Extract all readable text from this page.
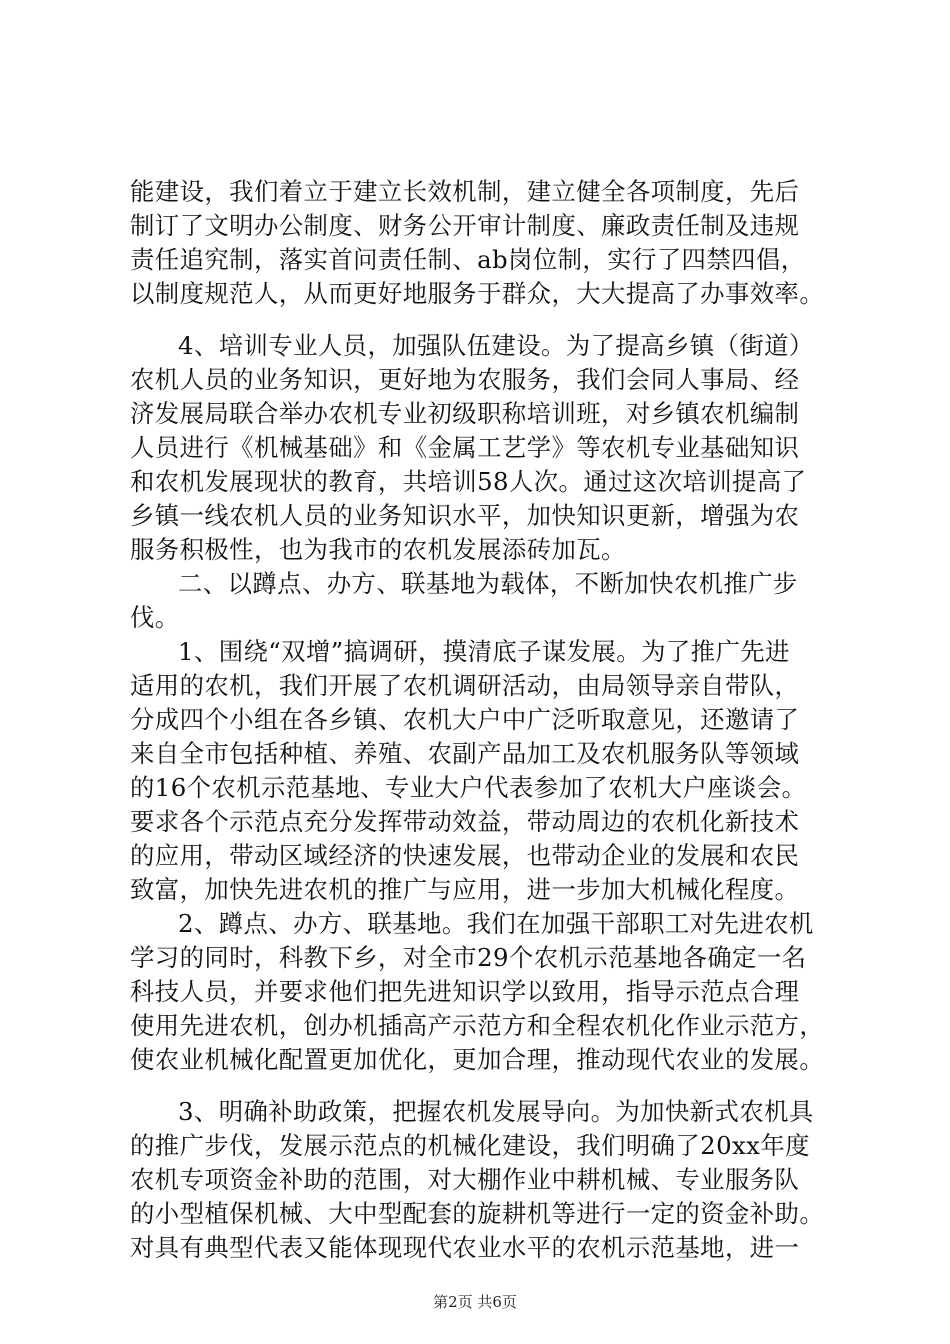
能建设，我们着立于建立长效机制，建立健全各项制度，先后
制订了文明办公制度、财务公开审计制度、廉政责任制及违规
责任追究制，落实首问责任制、ab岗位制，实行了四禁四倡，
以制度规范人，从而更好地服务于群众，大大提高了办事效率。
4、培训专业人员，加强队伍建设。为了提高乡镇（街道）
农机人员的业务知识，更好地为农服务，我们会同人事局、经
济发展局联合举办农机专业初级职称培训班，对乡镇农机编制
人员进行《机械基础》和《金属工艺学》等农机专业基础知识
和农机发展现状的教育，共培训58人次。通过这次培训提高了
乡镇一线农机人员的业务知识水平，加快知识更新，增强为农
服务积极性，也为我市的农机发展添砖加瓦。
二、以蹲点、办方、联基地为载体，不断加快农机推广步
伐。
1、围绕“双增”搞调研，摸清底子谋发展。为了推广先进
适用的农机，我们开展了农机调研活动，由局领导亲自带队，
分成四个小组在各乡镇、农机大户中广泛听取意见，还邀请了
来自全市包括种植、养殖、农副产品加工及农机服务队等领域
的16个农机示范基地、专业大户代表参加了农机大户座谈会。
要求各个示范点充分发挥带动效益，带动周边的农机化新技术
的应用，带动区域经济的快速发展，也带动企业的发展和农民
致富，加快先进农机的推广与应用，进一步加大机械化程度。
2、蹲点、办方、联基地。我们在加强干部职工对先进农机
学习的同时，科教下乡，对全市29个农机示范基地各确定一名
科技人员，并要求他们把先进知识学以致用，指导示范点合理
使用先进农机，创办机插高产示范方和全程农机化作业示范方，
使农业机械化配置更加优化，更加合理，推动现代农业的发展。
3、明确补助政策，把握农机发展导向。为加快新式农机具
的推广步伐，发展示范点的机械化建设，我们明确了20xx年度
农机专项资金补助的范围，对大棚作业中耕机械、专业服务队
的小型植保机械、大中型配套的旋耕机等进行一定的资金补助。
对具有典型代表又能体现现代农业水平的农机示范基地，进一
第2页 共6页
